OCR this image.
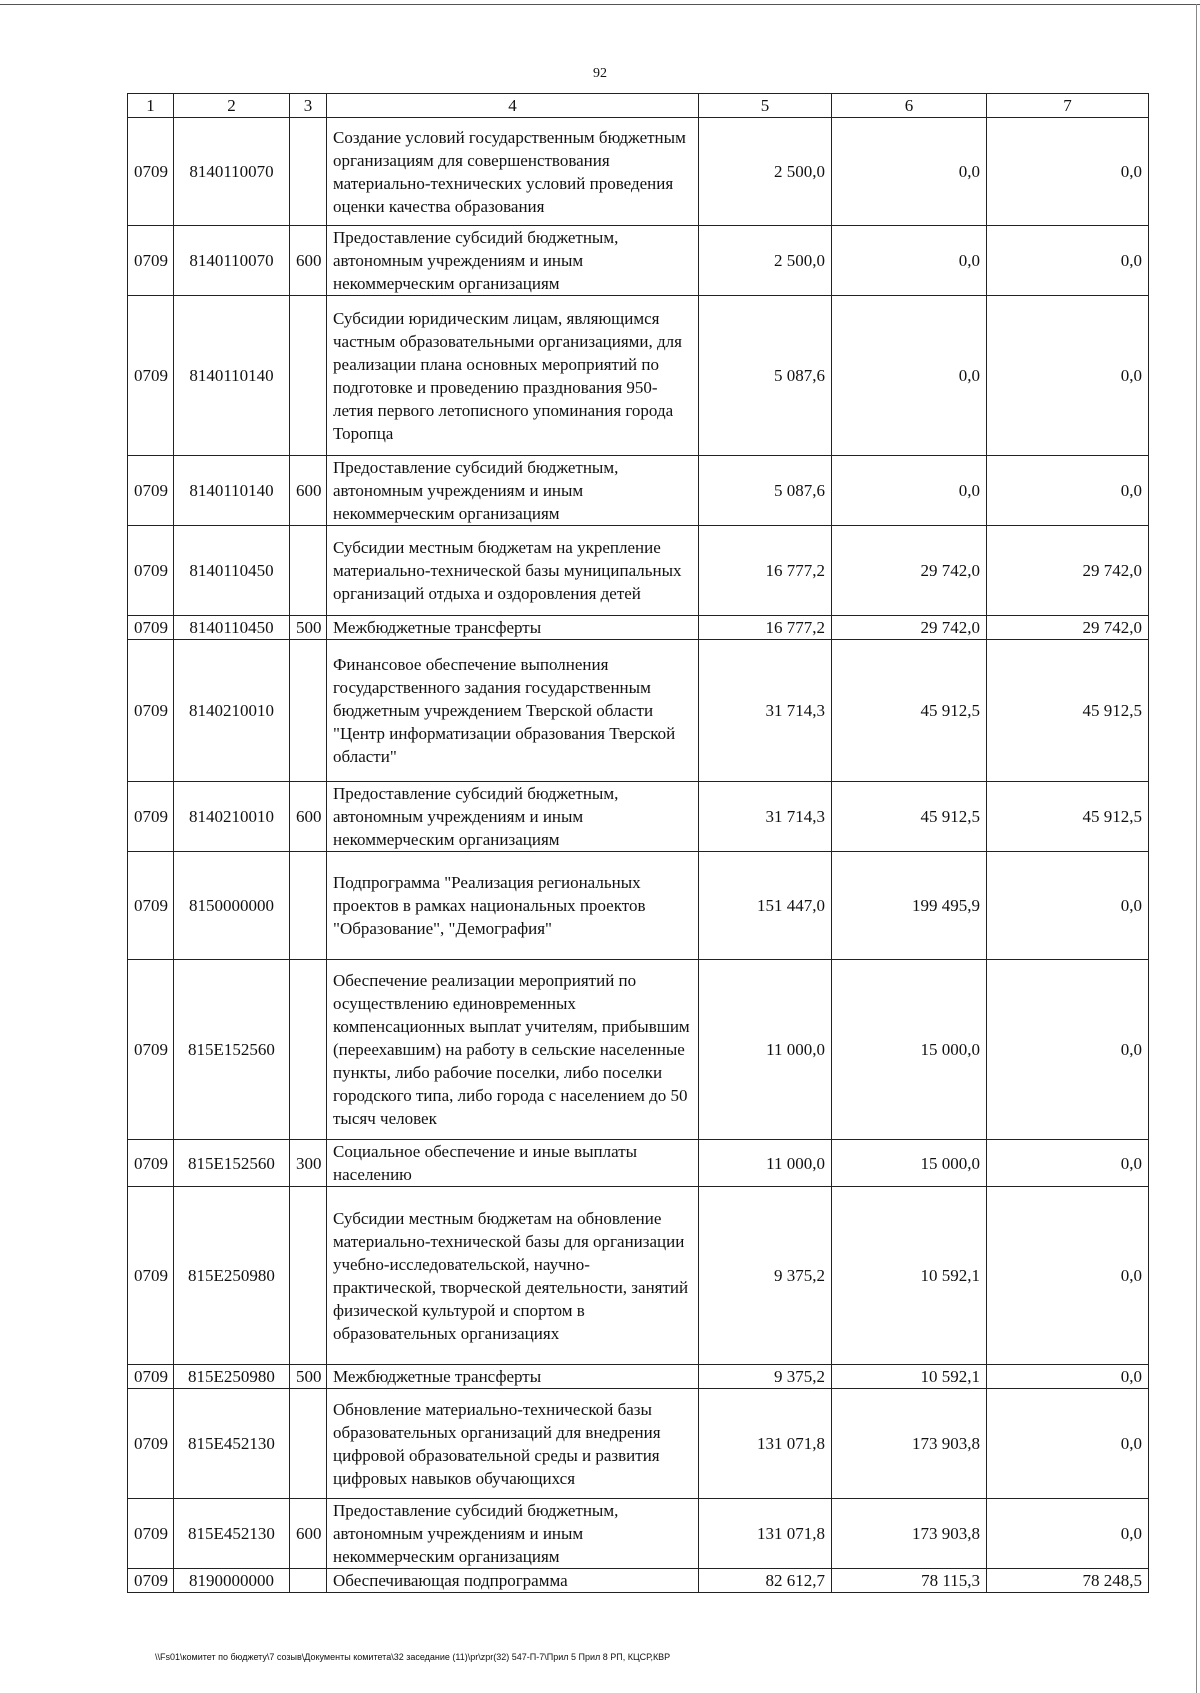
92
1	2	3	4	5	6	7
0709	8140110070		Создание условий государственным бюджетным организациям для совершенствования материально-технических условий проведения оценки качества образования	2 500,0	0,0	0,0
0709	8140110070	600	Предоставление субсидий бюджетным, автономным учреждениям и иным некоммерческим организациям	2 500,0	0,0	0,0
0709	8140110140		Субсидии юридическим лицам, являющимся частным образовательными организациями, для реализации плана основных мероприятий по подготовке и проведению празднования 950-летия первого летописного упоминания города Торопца	5 087,6	0,0	0,0
0709	8140110140	600	Предоставление субсидий бюджетным, автономным учреждениям и иным некоммерческим организациям	5 087,6	0,0	0,0
0709	8140110450		Субсидии местным бюджетам на укрепление материально-технической базы муниципальных организаций отдыха и оздоровления детей	16 777,2	29 742,0	29 742,0
0709	8140110450	500	Межбюджетные трансферты	16 777,2	29 742,0	29 742,0
0709	8140210010		Финансовое обеспечение выполнения государственного задания государственным бюджетным учреждением Тверской области "Центр информатизации образования Тверской области"	31 714,3	45 912,5	45 912,5
0709	8140210010	600	Предоставление субсидий бюджетным, автономным учреждениям и иным некоммерческим организациям	31 714,3	45 912,5	45 912,5
0709	8150000000		Подпрограмма "Реализация региональных проектов в рамках национальных проектов "Образование", "Демография"	151 447,0	199 495,9	0,0
0709	815E152560		Обеспечение реализации мероприятий по осуществлению единовременных компенсационных выплат учителям, прибывшим (переехавшим) на работу в сельские населенные пункты, либо рабочие поселки, либо поселки городского типа, либо города с населением до 50 тысяч человек	11 000,0	15 000,0	0,0
0709	815E152560	300	Социальное обеспечение и иные выплаты населению	11 000,0	15 000,0	0,0
0709	815E250980		Субсидии местным бюджетам на обновление материально-технической базы для организации учебно-исследовательской, научно-практической, творческой деятельности, занятий физической культурой и спортом в образовательных организациях	9 375,2	10 592,1	0,0
0709	815E250980	500	Межбюджетные трансферты	9 375,2	10 592,1	0,0
0709	815E452130		Обновление материально-технической базы образовательных организаций для внедрения цифровой образовательной среды и развития цифровых навыков обучающихся	131 071,8	173 903,8	0,0
0709	815E452130	600	Предоставление субсидий бюджетным, автономным учреждениям и иным некоммерческим организациям	131 071,8	173 903,8	0,0
0709	8190000000		Обеспечивающая подпрограмма	82 612,7	78 115,3	78 248,5
\\Fs01\комитет по бюджету\7 созыв\Документы комитета\32 заседание (11)\pr\zpr(32) 547-П-7\Прил 5 Прил 8 РП, КЦСР,КВР
